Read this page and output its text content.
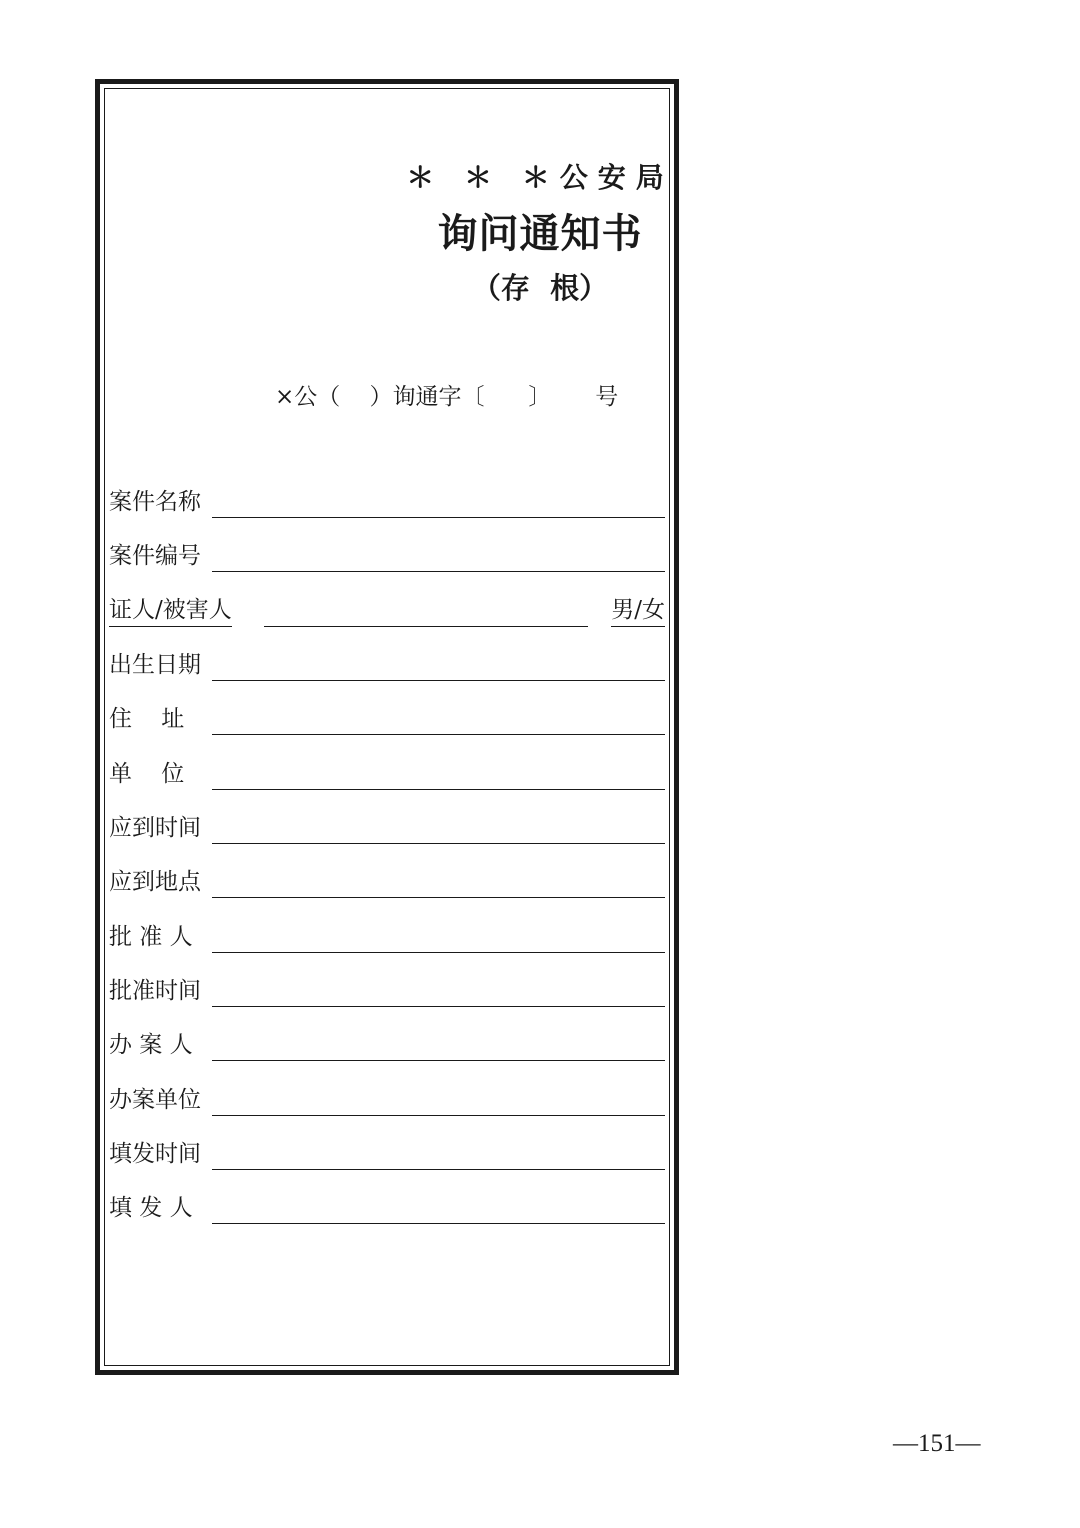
＊ ＊ ＊公安局
询问通知书
（存  根）
×公（    ）询通字〔      〕      号
案件名称
案件编号
证人/被害人	男/女
出生日期
住    址
单    位
应到时间
应到地点
批 准 人
批准时间
办 案 人
办案单位
填发时间
填 发 人
—151—
